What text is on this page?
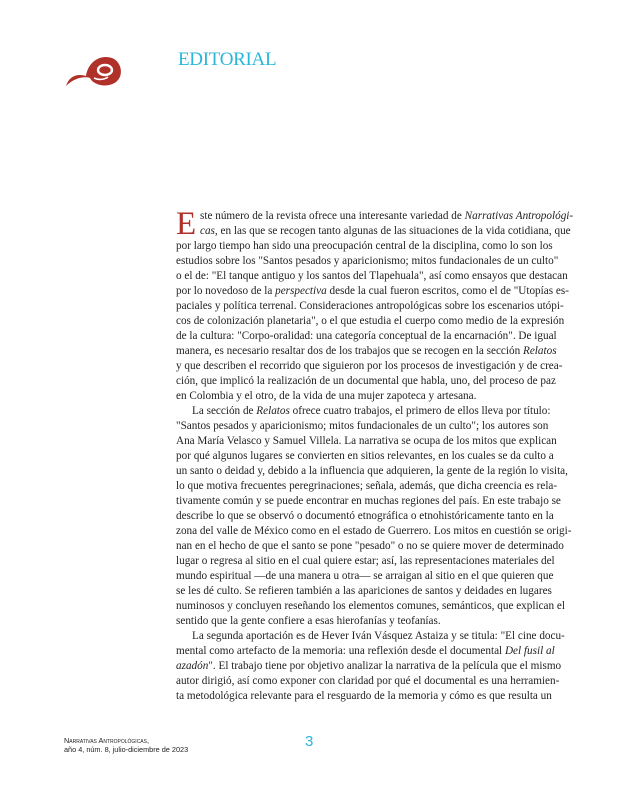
EDITORIAL
E ste número de la revista ofrece una interesante variedad de Narrativas Antropológi-
cas, en las que se recogen tanto algunas de las situaciones de la vida cotidiana, que
por largo tiempo han sido una preocupación central de la disciplina, como lo son los
estudios sobre los "Santos pesados y aparicionismo; mitos fundacionales de un culto"
o el de: "El tanque antiguo y los santos del Tlapehuala", así como ensayos que destacan
por lo novedoso de la perspectiva desde la cual fueron escritos, como el de "Utopías es-
paciales y política terrenal. Consideraciones antropológicas sobre los escenarios utópi-
cos de colonización planetaria", o el que estudia el cuerpo como medio de la expresión
de la cultura: "Corpo-oralidad: una categoría conceptual de la encarnación". De igual
manera, es necesario resaltar dos de los trabajos que se recogen en la sección Relatos
y que describen el recorrido que siguieron por los procesos de investigación y de crea-
ción, que implicó la realización de un documental que habla, uno, del proceso de paz
en Colombia y el otro, de la vida de una mujer zapoteca y artesana.
La sección de Relatos ofrece cuatro trabajos, el primero de ellos lleva por título:
"Santos pesados y aparicionismo; mitos fundacionales de un culto"; los autores son
Ana María Velasco y Samuel Villela. La narrativa se ocupa de los mitos que explican
por qué algunos lugares se convierten en sitios relevantes, en los cuales se da culto a
un santo o deidad y, debido a la influencia que adquieren, la gente de la región lo visita,
lo que motiva frecuentes peregrinaciones; señala, además, que dicha creencia es rela-
tivamente común y se puede encontrar en muchas regiones del país. En este trabajo se
describe lo que se observó o documentó etnográfica o etnohistóricamente tanto en la
zona del valle de México como en el estado de Guerrero. Los mitos en cuestión se origi-
nan en el hecho de que el santo se pone "pesado" o no se quiere mover de determinado
lugar o regresa al sitio en el cual quiere estar; así, las representaciones materiales del
mundo espiritual —de una manera u otra— se arraigan al sitio en el que quieren que
se les dé culto. Se refieren también a las apariciones de santos y deidades en lugares
numinosos y concluyen reseñando los elementos comunes, semánticos, que explican el
sentido que la gente confiere a esas hierofanías y teofanías.
La segunda aportación es de Hever Iván Vásquez Astaiza y se titula: "El cine docu-
mental como artefacto de la memoria: una reflexión desde el documental Del fusil al
azadón". El trabajo tiene por objetivo analizar la narrativa de la película que el mismo
autor dirigió, así como exponer con claridad por qué el documental es una herramien-
ta metodológica relevante para el resguardo de la memoria y cómo es que resulta un
Narrativas Antropológicas,
año 4, núm. 8, julio-diciembre de 2023	3
